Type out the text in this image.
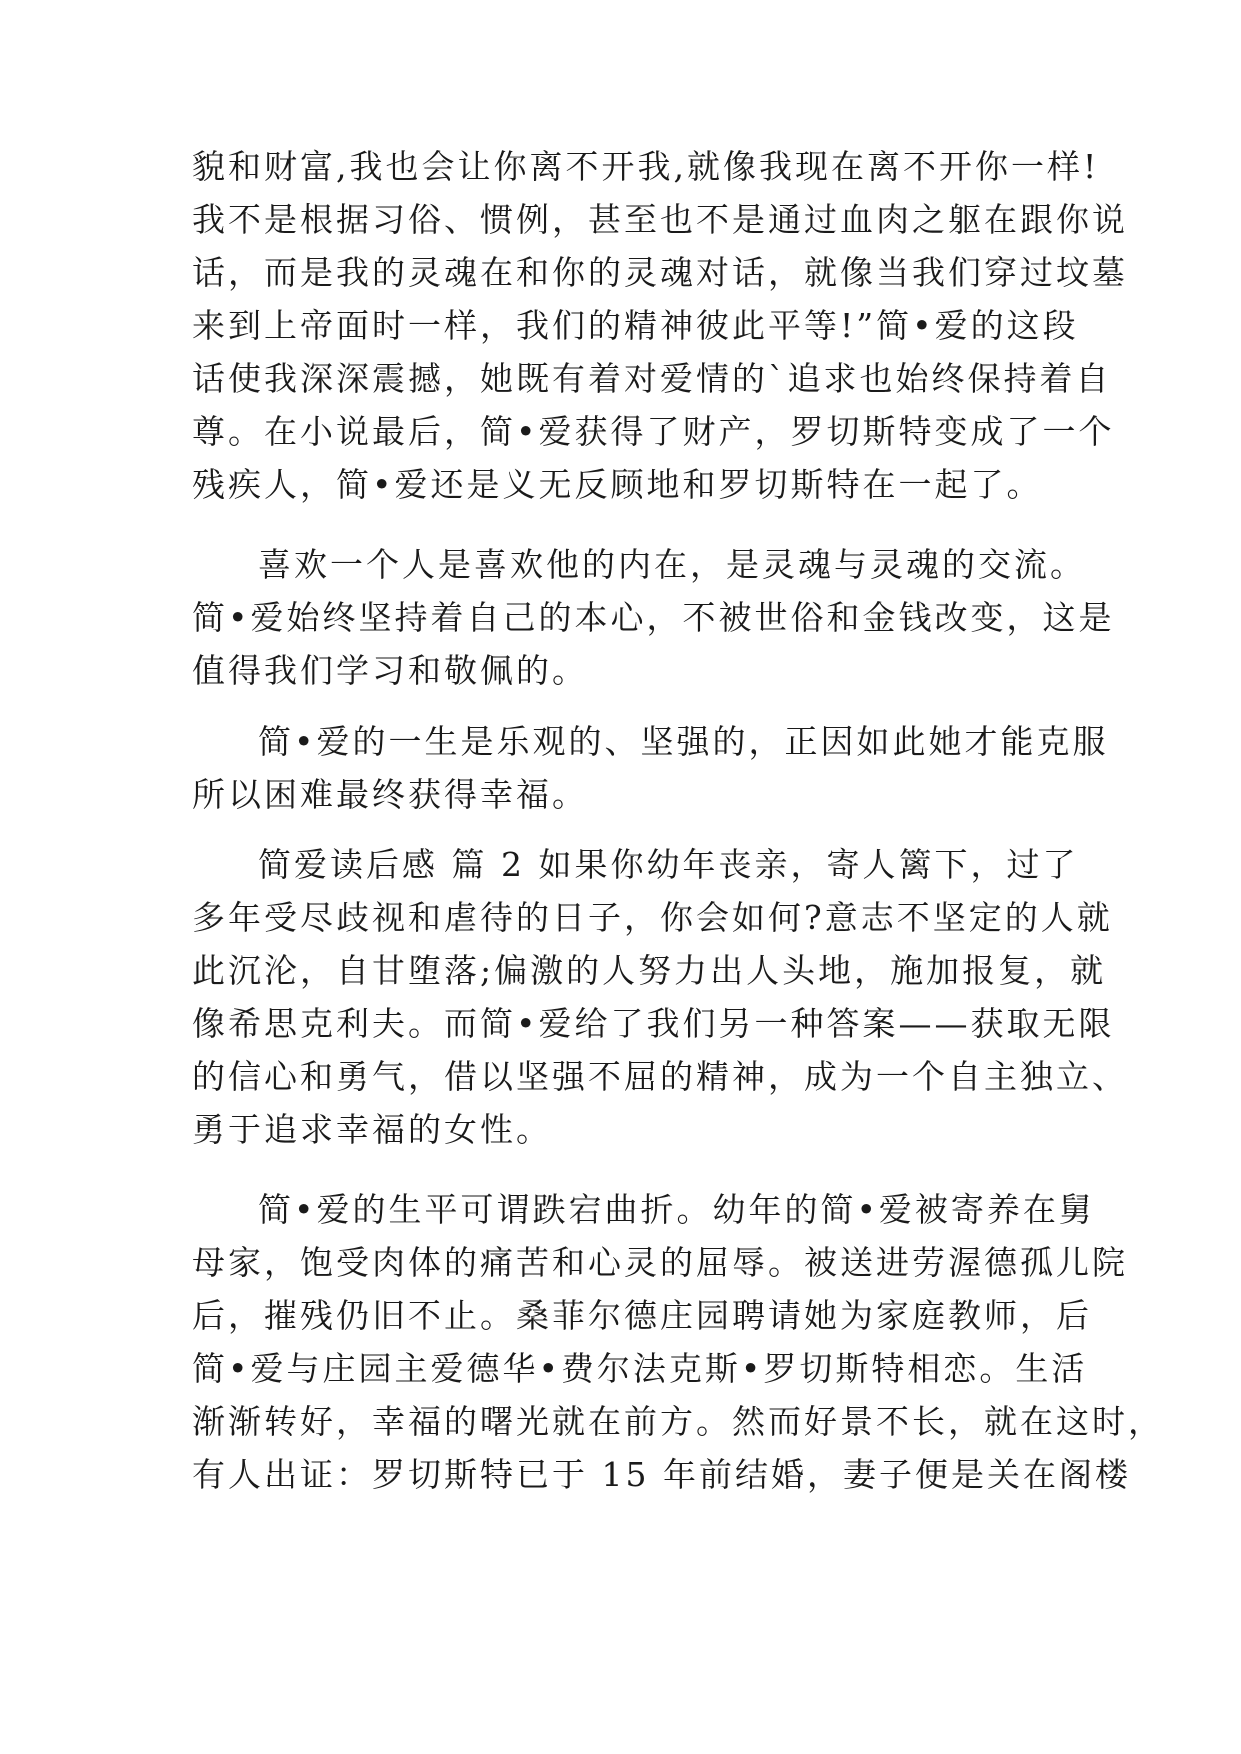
貌和财富,我也会让你离不开我,就像我现在离不开你一样!
我不是根据习俗、惯例，甚至也不是通过血肉之躯在跟你说
话，而是我的灵魂在和你的灵魂对话，就像当我们穿过坟墓
来到上帝面时一样，我们的精神彼此平等!”简•爱的这段
话使我深深震撼，她既有着对爱情的`追求也始终保持着自
尊。在小说最后，简•爱获得了财产，罗切斯特变成了一个
残疾人，简•爱还是义无反顾地和罗切斯特在一起了。
喜欢一个人是喜欢他的内在，是灵魂与灵魂的交流。
简•爱始终坚持着自己的本心，不被世俗和金钱改变，这是
值得我们学习和敬佩的。
简•爱的一生是乐观的、坚强的，正因如此她才能克服
所以困难最终获得幸福。
简爱读后感 篇 2 如果你幼年丧亲，寄人篱下，过了
多年受尽歧视和虐待的日子，你会如何?意志不坚定的人就
此沉沦，自甘堕落;偏激的人努力出人头地，施加报复，就
像希思克利夫。而简•爱给了我们另一种答案——获取无限
的信心和勇气，借以坚强不屈的精神，成为一个自主独立、
勇于追求幸福的女性。
简•爱的生平可谓跌宕曲折。幼年的简•爱被寄养在舅
母家，饱受肉体的痛苦和心灵的屈辱。被送进劳渥德孤儿院
后，摧残仍旧不止。桑菲尔德庄园聘请她为家庭教师，后
简•爱与庄园主爱德华•费尔法克斯•罗切斯特相恋。生活
渐渐转好，幸福的曙光就在前方。然而好景不长，就在这时，
有人出证：罗切斯特已于 15 年前结婚，妻子便是关在阁楼
